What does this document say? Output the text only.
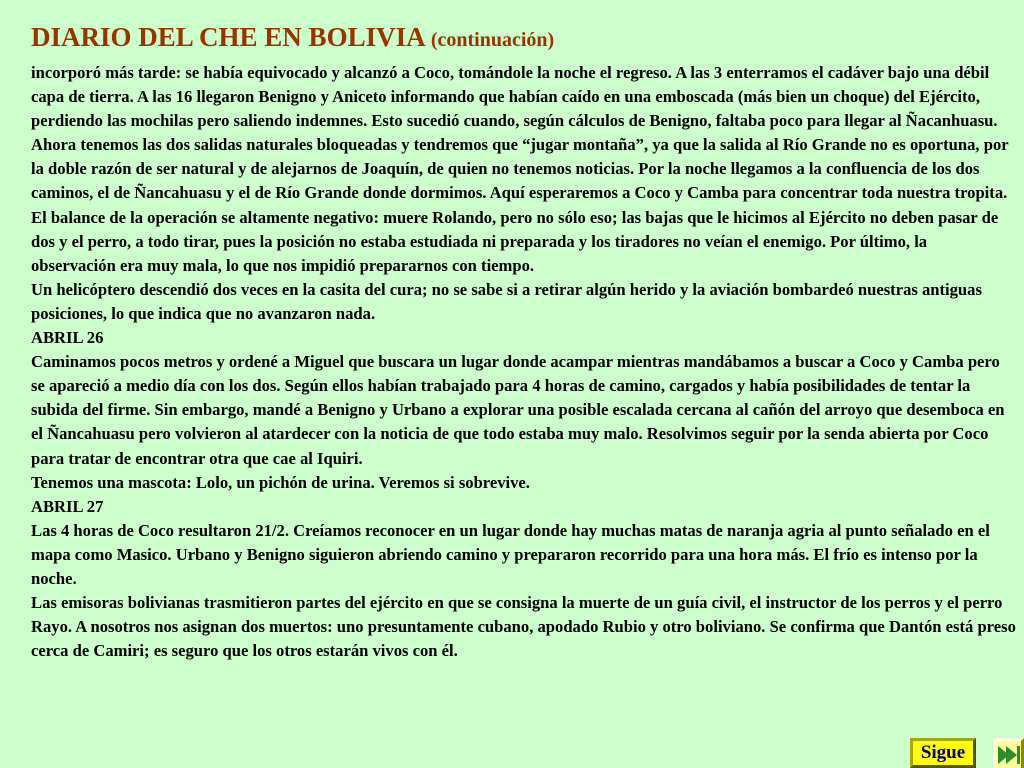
DIARIO DEL CHE EN BOLIVIA (continuación)

incorporó más tarde: se había equivocado y alcanzó a Coco, tomándole la noche el regreso. A las 3 enterramos el cadáver bajo una débil capa de tierra. A las 16 llegaron Benigno y Aniceto informando que habían caído en una emboscada (más bien un choque) del Ejército, perdiendo las mochilas pero saliendo indemnes. Esto sucedió cuando, según cálculos de Benigno, faltaba poco para llegar al Ñacanhuasu. Ahora tenemos las dos salidas naturales bloqueadas y tendremos que “jugar montaña”, ya que la salida al Río Grande no es oportuna, por la doble razón de ser natural y de alejarnos de Joaquín, de quien no tenemos noticias. Por la noche llegamos a la confluencia de los dos caminos, el de Ñancahuasu y el de Río Grande donde dormimos. Aquí esperaremos a Coco y Camba para concentrar toda nuestra tropita. El balance de la operación se altamente negativo: muere Rolando, pero no sólo eso; las bajas que le hicimos al Ejército no deben pasar de dos y el perro, a todo tirar, pues la posición no estaba estudiada ni preparada y los tiradores no veían el enemigo. Por último, la observación era muy mala, lo que nos impidió prepararnos con tiempo.

Un helicóptero descendió dos veces en la casita del cura; no se sabe si a retirar algún herido y la aviación bombardeó nuestras antiguas posiciones, lo que indica que no avanzaron nada.

ABRIL 26

Caminamos pocos metros y ordené a Miguel que buscara un lugar donde acampar mientras mandábamos a buscar a Coco y Camba pero se apareció a medio día con los dos. Según ellos habían trabajado para 4 horas de camino, cargados y había posibilidades de tentar la subida del firme. Sin embargo, mandé a Benigno y Urbano a explorar una posible escalada cercana al cañón del arroyo que desemboca en el Ñancahuasu pero volvieron al atardecer con la noticia de que todo estaba muy malo. Resolvimos seguir por la senda abierta por Coco para tratar de encontrar otra que cae al Iquiri.

Tenemos una mascota: Lolo, un pichón de urina. Veremos si sobrevive.

ABRIL 27

Las 4 horas de Coco resultaron 21/2. Creíamos reconocer en un lugar donde hay muchas matas de naranja agria al punto señalado en el mapa como Masico. Urbano y Benigno siguieron abriendo camino y prepararon recorrido para una hora más. El frío es intenso por la noche.

Las emisoras bolivianas trasmitieron partes del ejército en que se consigna la muerte de un guía civil, el instructor de los perros y el perro Rayo. A nosotros nos asignan dos muertos: uno presuntamente cubano, apodado Rubio y otro boliviano. Se confirma que Dantón está preso cerca de Camiri; es seguro que los otros estarán vivos con él.

Sigue
